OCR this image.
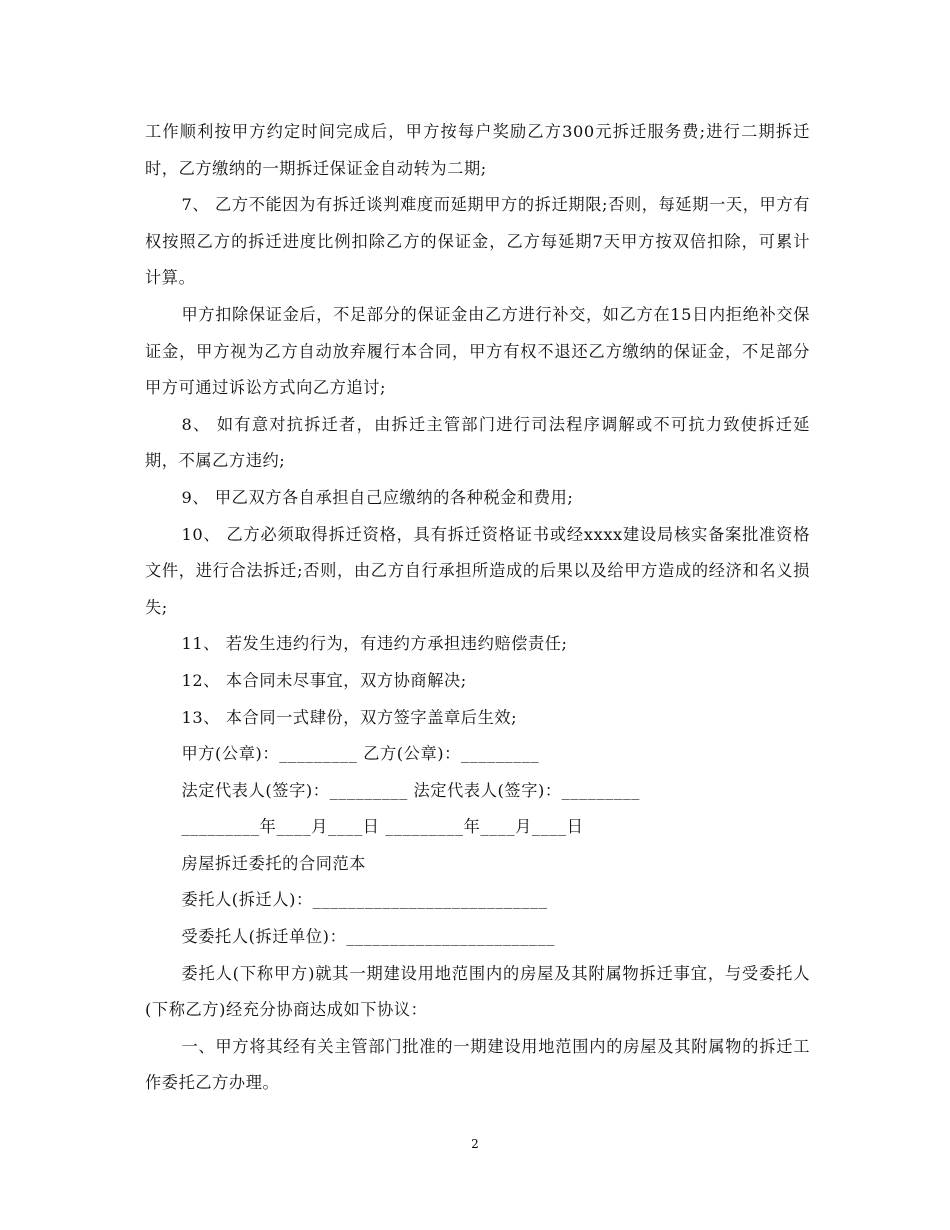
工作顺利按甲方约定时间完成后，甲方按每户奖励乙方300元拆迁服务费;进行二期拆迁时，乙方缴纳的一期拆迁保证金自动转为二期;

7、 乙方不能因为有拆迁谈判难度而延期甲方的拆迁期限;否则，每延期一天，甲方有权按照乙方的拆迁进度比例扣除乙方的保证金，乙方每延期7天甲方按双倍扣除，可累计计算。

甲方扣除保证金后，不足部分的保证金由乙方进行补交，如乙方在15日内拒绝补交保证金，甲方视为乙方自动放弃履行本合同，甲方有权不退还乙方缴纳的保证金，不足部分甲方可通过诉讼方式向乙方追讨;

8、 如有意对抗拆迁者，由拆迁主管部门进行司法程序调解或不可抗力致使拆迁延期，不属乙方违约;

9、 甲乙双方各自承担自己应缴纳的各种税金和费用;

10、 乙方必须取得拆迁资格，具有拆迁资格证书或经xxxx建设局核实备案批准资格文件，进行合法拆迁;否则，由乙方自行承担所造成的后果以及给甲方造成的经济和名义损失;

11、 若发生违约行为，有违约方承担违约赔偿责任;

12、 本合同未尽事宜，双方协商解决;

13、 本合同一式肆份，双方签字盖章后生效;

甲方(公章)：_________ 乙方(公章)：_________

法定代表人(签字)：_________ 法定代表人(签字)：_________

_________年____月____日 _________年____月____日

房屋拆迁委托的合同范本

委托人(拆迁人)：___________________________

受委托人(拆迁单位)：________________________

委托人(下称甲方)就其一期建设用地范围内的房屋及其附属物拆迁事宜，与受委托人(下称乙方)经充分协商达成如下协议：

一、甲方将其经有关主管部门批准的一期建设用地范围内的房屋及其附属物的拆迁工作委托乙方办理。

2
